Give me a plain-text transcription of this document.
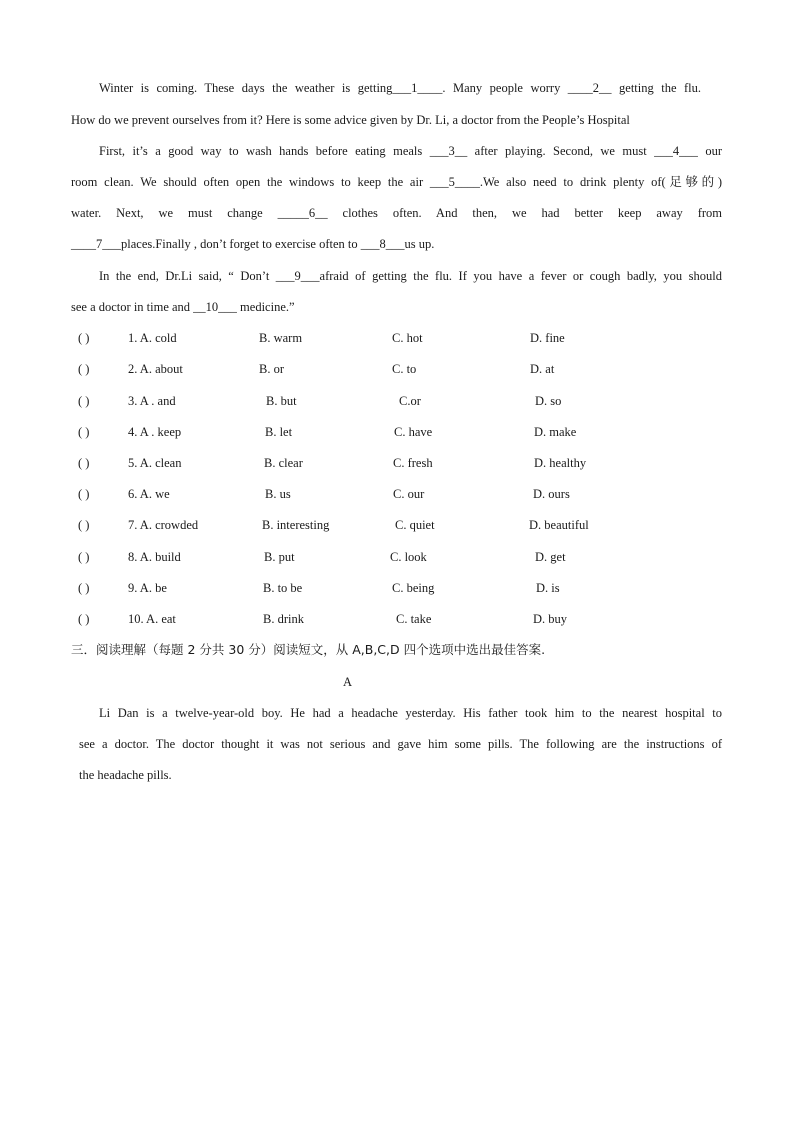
Winter is coming. These days the weather is getting___1____. Many people worry ____2__ getting the flu.
How do we prevent ourselves from it? Here is some advice given by Dr. Li, a doctor from the People’s Hospital
First, it’s a good way to wash hands before eating meals ___3__ after playing. Second, we must ___4___ our
room clean. We should often open the windows to keep the air ___5____.We also need to drink plenty of(足够的)
water. Next, we must change _____6__ clothes often. And then, we had better keep away from
____7___places.Finally , don’t forget to exercise often to ___8___us up.
In the end, Dr.Li said, “ Don’t ___9___afraid of getting the flu. If you have a fever or cough badly, you should
see a doctor in time and __10___ medicine.”
( )	1. A. cold	B. warm	C. hot	D. fine
( )	2. A. about	B. or	C. to	D. at
( )	3. A . and	B. but	C.or	D. so
( )	4. A . keep	B. let	C. have	D. make
( )	5. A. clean	B. clear	C. fresh	D. healthy
( )	6. A. we	B. us	C. our	D. ours
( )	7. A. crowded	B. interesting	C. quiet	D. beautiful
( )	8. A. build	B. put	C. look	D. get
( )	9. A. be	B. to be	C. being	D. is
( )	10. A. eat	B. drink	C. take	D. buy
三．阅读理解（每题 2 分共 30 分）阅读短文，从 A,B,C,D 四个选项中选出最佳答案.
A
Li Dan is a twelve-year-old boy. He had a headache yesterday. His father took him to the nearest hospital to
see a doctor. The doctor thought it was not serious and gave him some pills. The following are the instructions of
the headache pills.
